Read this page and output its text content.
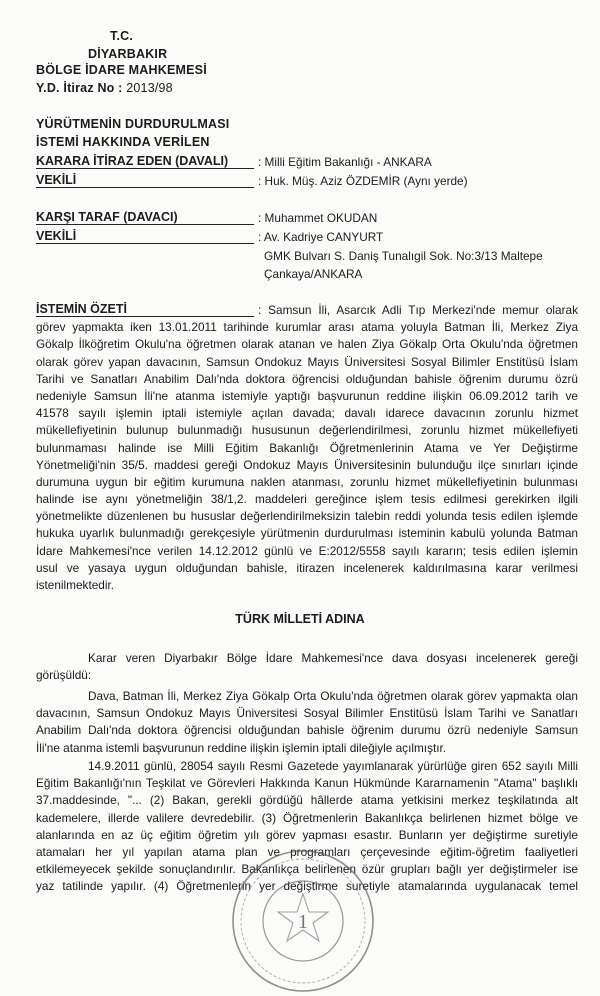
T.C.
DİYARBAKIR
BÖLGE İDARE MAHKEMESİ
Y.D. İtiraz No : 2013/98
YÜRÜTMENİN DURDURULMASI
İSTEMİ HAKKINDA VERİLEN
KARARA İTİRAZ EDEN (DAVALI)	: Milli Eğitim Bakanlığı - ANKARA
VEKİLİ	: Huk. Müş. Aziz ÖZDEMİR (Aynı yerde)
KARŞI TARAF (DAVACI)	: Muhammet OKUDAN
VEKİLİ	: Av. Kadriye CANYURT
GMK Bulvarı S. Daniş Tunalıgil Sok. No:3/13 Maltepe
Çankaya/ANKARA
İSTEMİN ÖZETİ	: Samsun İli, Asarcık Adli Tıp Merkezi'nde memur olarak
görev yapmakta iken 13.01.2011 tarihinde kurumlar arası atama yoluyla Batman İli, Merkez Ziya
Gökalp İlköğretim Okulu'na öğretmen olarak atanan ve halen Ziya Gökalp Orta Okulu'nda öğretmen
olarak görev yapan davacının, Samsun Ondokuz Mayıs Üniversitesi Sosyal Bilimler Enstitüsü İslam
Tarihi ve Sanatları Anabilim Dalı'nda doktora öğrencisi olduğundan bahisle öğrenim durumu özrü
nedeniyle Samsun İli'ne atanma istemiyle yaptığı başvurunun reddine ilişkin 06.09.2012 tarih ve
41578 sayılı işlemin iptali istemiyle açılan davada; davalı idarece davacının zorunlu hizmet
mükellefiyetinin bulunup bulunmadığı hususunun değerlendirilmesi, zorunlu hizmet mükellefiyeti
bulunmaması halinde ise Milli Eğitim Bakanlığı Öğretmenlerinin Atama ve Yer Değiştirme
Yönetmeliği'nin 35/5. maddesi gereği Ondokuz Mayıs Üniversitesinin bulunduğu ilçe sınırları içinde
durumuna uygun bir eğitim kurumuna naklen atanması, zorunlu hizmet mükellefiyetinin bulunması
halinde ise aynı yönetmeliğin 38/1,2. maddeleri gereğince işlem tesis edilmesi gerekirken ilgili
yönetmelikte düzenlenen bu hususlar değerlendirilmeksizin talebin reddi yolunda tesis edilen işlemde
hukuka uyarlık bulunmadığı gerekçesiyle yürütmenin durdurulması isteminin kabulü yolunda Batman
İdare Mahkemesi'nce verilen 14.12.2012 günlü ve E:2012/5558 sayılı kararın; tesis edilen işlemin
usul ve yasaya uygun olduğundan bahisle, itirazen incelenerek kaldırılmasına karar verilmesi
istenilmektedir.
TÜRK MİLLETİ ADINA
Karar veren Diyarbakır Bölge İdare Mahkemesi'nce dava dosyası incelenerek gereği
görüşüldü:
Dava, Batman İli, Merkez Ziya Gökalp Orta Okulu'nda öğretmen olarak görev yapmakta olan
davacının, Samsun Ondokuz Mayıs Üniversitesi Sosyal Bilimler Enstitüsü İslam Tarihi ve Sanatları
Anabilim Dalı'nda doktora öğrencisi olduğundan bahisle öğrenim durumu özrü nedeniyle Samsun
İli'ne atanma istemli başvurunun reddine ilişkin işlemin iptali dileğiyle açılmıştır.
14.9.2011 günlü, 28054 sayılı Resmi Gazetede yayımlanarak yürürlüğe giren 652 sayılı Milli
Eğitim Bakanlığı'nın Teşkilat ve Görevleri Hakkında Kanun Hükmünde Kararnamenin "Atama" başlıklı
37.maddesinde, "... (2) Bakan, gerekli gördüğü hâllerde atama yetkisini merkez teşkilatında alt
kademelere, illerde valilere devredebilir. (3) Öğretmenlerin Bakanlıkça belirlenen hizmet bölge ve
alanlarında en az üç eğitim öğretim yılı görev yapması esastır. Bunların yer değiştirme suretiyle
atamaları her yıl yapılan atama plan ve programları çerçevesinde eğitim-öğretim faaliyetleri
etkilemeyecek şekilde sonuçlandırılır. Bakanlıkça belirlenen özür grupları bağlı yer değiştirmeler ise
yaz tatilinde yapılır. (4) Öğretmenlerin yer değiştirme suretiyle atamalarında uygulanacak temel
1
